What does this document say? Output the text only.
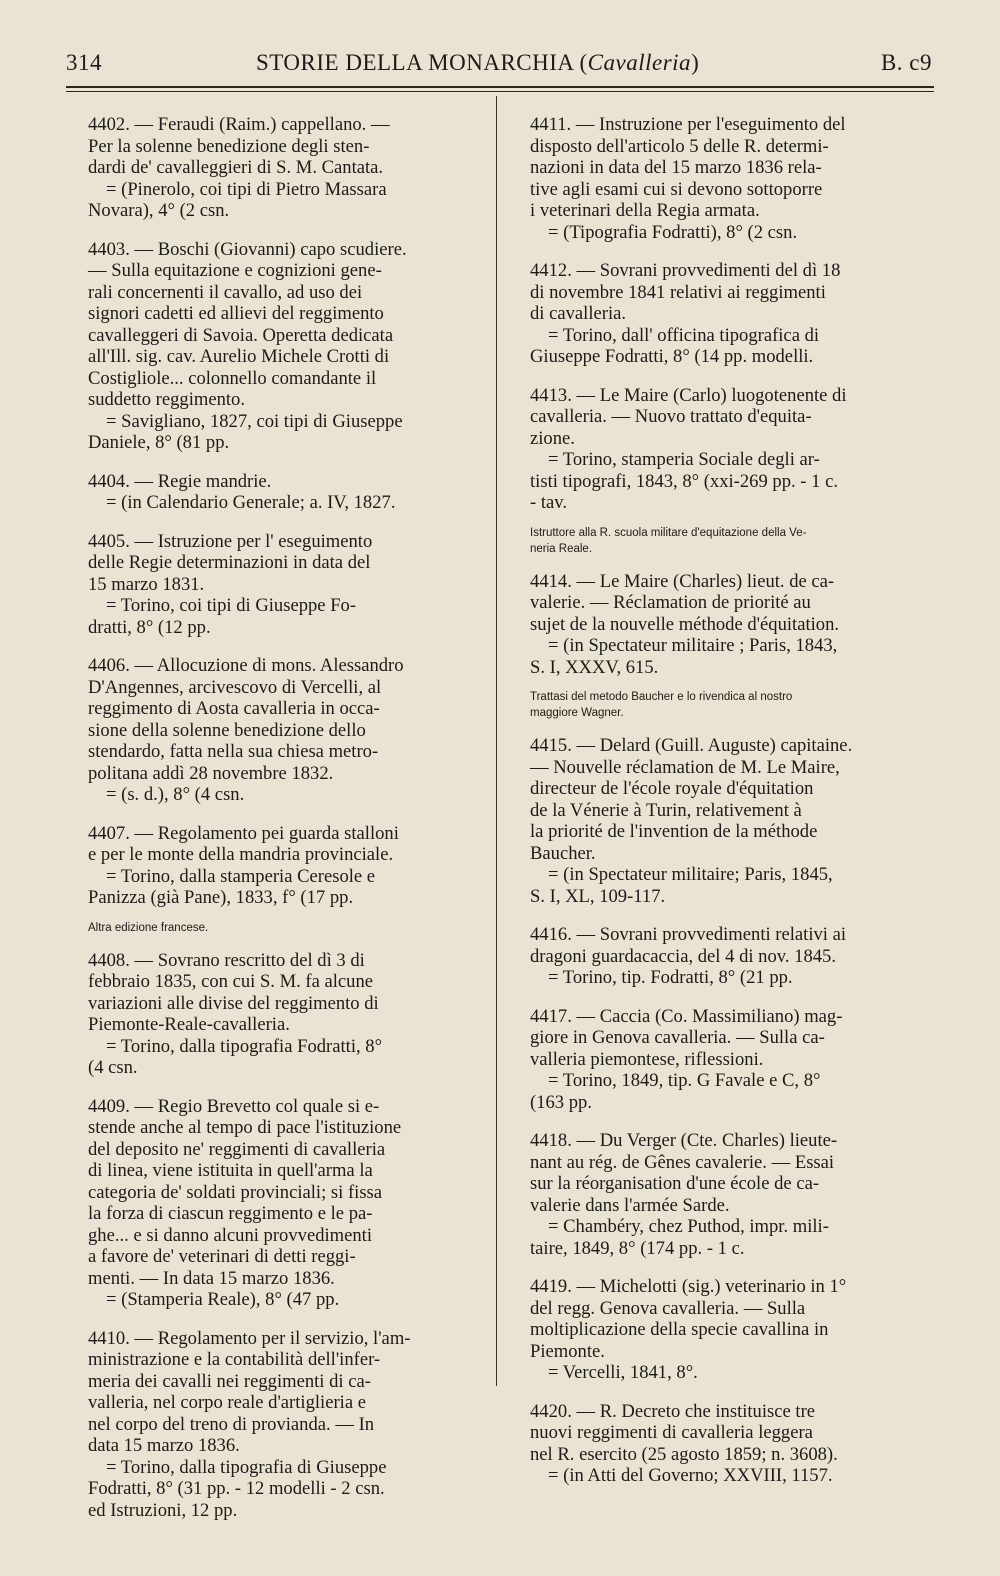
314	STORIE DELLA MONARCHIA (Cavalleria)	B. c9
4402. — Feraudi (Raim.) cappellano. —
Per la solenne benedizione degli sten-
dardi de' cavalleggieri di S. M. Cantata.
= (Pinerolo, coi tipi di Pietro Massara
Novara), 4° (2 csn.
4403. — Boschi (Giovanni) capo scudiere.
— Sulla equitazione e cognizioni gene-
rali concernenti il cavallo, ad uso dei
signori cadetti ed allievi del reggimento
cavalleggeri di Savoia. Operetta dedicata
all'Ill. sig. cav. Aurelio Michele Crotti di
Costigliole... colonnello comandante il
suddetto reggimento.
= Savigliano, 1827, coi tipi di Giuseppe
Daniele, 8° (81 pp.
4404. — Regie mandrie.
= (in Calendario Generale; a. IV, 1827.
4405. — Istruzione per l' eseguimento
delle Regie determinazioni in data del
15 marzo 1831.
= Torino, coi tipi di Giuseppe Fo-
dratti, 8° (12 pp.
4406. — Allocuzione di mons. Alessandro
D'Angennes, arcivescovo di Vercelli, al
reggimento di Aosta cavalleria in occa-
sione della solenne benedizione dello
stendardo, fatta nella sua chiesa metro-
politana addì 28 novembre 1832.
= (s. d.), 8° (4 csn.
4407. — Regolamento pei guarda stalloni
e per le monte della mandria provinciale.
= Torino, dalla stamperia Ceresole e
Panizza (già Pane), 1833, f° (17 pp.
Altra edizione francese.
4408. — Sovrano rescritto del dì 3 di
febbraio 1835, con cui S. M. fa alcune
variazioni alle divise del reggimento di
Piemonte-Reale-cavalleria.
= Torino, dalla tipografia Fodratti, 8°
(4 csn.
4409. — Regio Brevetto col quale si e-
stende anche al tempo di pace l'istituzione
del deposito ne' reggimenti di cavalleria
di linea, viene istituita in quell'arma la
categoria de' soldati provinciali; si fissa
la forza di ciascun reggimento e le pa-
ghe... e si danno alcuni provvedimenti
a favore de' veterinari di detti reggi-
menti. — In data 15 marzo 1836.
= (Stamperia Reale), 8° (47 pp.
4410. — Regolamento per il servizio, l'am-
ministrazione e la contabilità dell'infer-
meria dei cavalli nei reggimenti di ca-
valleria, nel corpo reale d'artiglieria e
nel corpo del treno di provianda. — In
data 15 marzo 1836.
= Torino, dalla tipografia di Giuseppe
Fodratti, 8° (31 pp. - 12 modelli - 2 csn.
ed Istruzioni, 12 pp.
4411. — Instruzione per l'eseguimento del
disposto dell'articolo 5 delle R. determi-
nazioni in data del 15 marzo 1836 rela-
tive agli esami cui si devono sottoporre
i veterinari della Regia armata.
= (Tipografia Fodratti), 8° (2 csn.
4412. — Sovrani provvedimenti del dì 18
di novembre 1841 relativi ai reggimenti
di cavalleria.
= Torino, dall' officina tipografica di
Giuseppe Fodratti, 8° (14 pp. modelli.
4413. — Le Maire (Carlo) luogotenente di
cavalleria. — Nuovo trattato d'equita-
zione.
= Torino, stamperia Sociale degli ar-
tisti tipografi, 1843, 8° (xxi-269 pp. - 1 c.
- tav.
Istruttore alla R. scuola militare d'equitazione della Ve-
neria Reale.
4414. — Le Maire (Charles) lieut. de ca-
valerie. — Réclamation de priorité au
sujet de la nouvelle méthode d'équitation.
= (in Spectateur militaire ; Paris, 1843,
S. I, XXXV, 615.
Trattasi del metodo Baucher e lo rivendica al nostro
maggiore Wagner.
4415. — Delard (Guill. Auguste) capitaine.
— Nouvelle réclamation de M. Le Maire,
directeur de l'école royale d'équitation
de la Vénerie à Turin, relativement à
la priorité de l'invention de la méthode
Baucher.
= (in Spectateur militaire; Paris, 1845,
S. I, XL, 109-117.
4416. — Sovrani provvedimenti relativi ai
dragoni guardacaccia, del 4 di nov. 1845.
= Torino, tip. Fodratti, 8° (21 pp.
4417. — Caccia (Co. Massimiliano) mag-
giore in Genova cavalleria. — Sulla ca-
valleria piemontese, riflessioni.
= Torino, 1849, tip. G Favale e C, 8°
(163 pp.
4418. — Du Verger (Cte. Charles) lieute-
nant au rég. de Gênes cavalerie. — Essai
sur la réorganisation d'une école de ca-
valerie dans l'armée Sarde.
= Chambéry, chez Puthod, impr. mili-
taire, 1849, 8° (174 pp. - 1 c.
4419. — Michelotti (sig.) veterinario in 1°
del regg. Genova cavalleria. — Sulla
moltiplicazione della specie cavallina in
Piemonte.
= Vercelli, 1841, 8°.
4420. — R. Decreto che instituisce tre
nuovi reggimenti di cavalleria leggera
nel R. esercito (25 agosto 1859; n. 3608).
= (in Atti del Governo; XXVIII, 1157.
